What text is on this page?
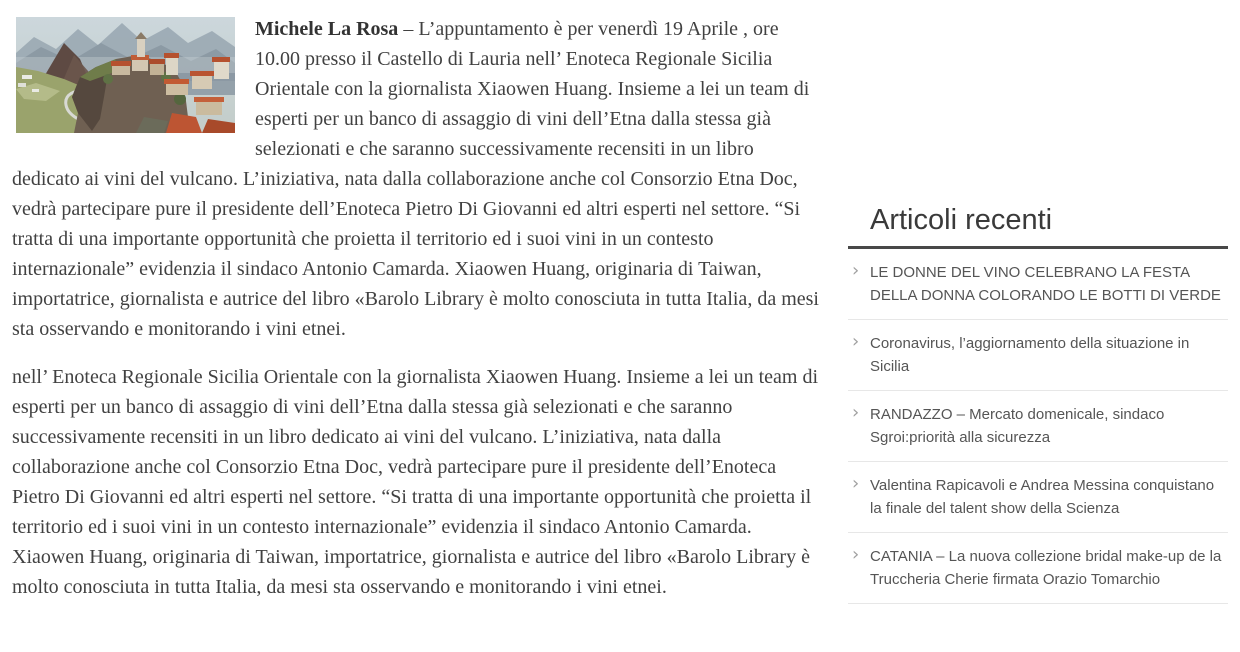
Michele La Rosa – L’appuntamento è per venerdì 19 Aprile , ore 10.00 presso il Castello di Lauria nell’ Enoteca Regionale Sicilia Orientale con la giornalista Xiaowen Huang. Insieme a lei un team di esperti per un banco di assaggio di vini dell’Etna dalla stessa già selezionati e che saranno successivamente recensiti in un libro dedicato ai vini del vulcano. L’iniziativa, nata dalla collaborazione anche col Consorzio Etna Doc, vedrà partecipare pure il presidente dell’Enoteca Pietro Di Giovanni ed altri esperti nel settore. “Si tratta di una importante opportunità che proietta il territorio ed i suoi vini in un contesto internazionale” evidenzia il sindaco Antonio Camarda. Xiaowen Huang, originaria di Taiwan, importatrice, giornalista e autrice del libro «Barolo Library è molto conosciuta in tutta Italia, da mesi sta osservando e monitorando i vini etnei.

nell’ Enoteca Regionale Sicilia Orientale con la giornalista Xiaowen Huang. Insieme a lei un team di esperti per un banco di assaggio di vini dell’Etna dalla stessa già selezionati e che saranno successivamente recensiti in un libro dedicato ai vini del vulcano. L’iniziativa, nata dalla collaborazione anche col Consorzio Etna Doc, vedrà partecipare pure il presidente dell’Enoteca Pietro Di Giovanni ed altri esperti nel settore. “Si tratta di una importante opportunità che proietta il territorio ed i suoi vini in un contesto internazionale” evidenzia il sindaco Antonio Camarda. Xiaowen Huang, originaria di Taiwan, importatrice, giornalista e autrice del libro «Barolo Library è molto conosciuta in tutta Italia, da mesi sta osservando e monitorando i vini etnei.

Articoli recenti
› LE DONNE DEL VINO CELEBRANO LA FESTA DELLA DONNA COLORANDO LE BOTTI DI VERDE
› Coronavirus, l’aggiornamento della situazione in Sicilia
› RANDAZZO – Mercato domenicale, sindaco Sgroi:priorità alla sicurezza
› Valentina Rapicavoli e Andrea Messina conquistano la finale del talent show della Scienza
› CATANIA – La nuova collezione bridal make-up de la Truccheria Cherie firmata Orazio Tomarchio
